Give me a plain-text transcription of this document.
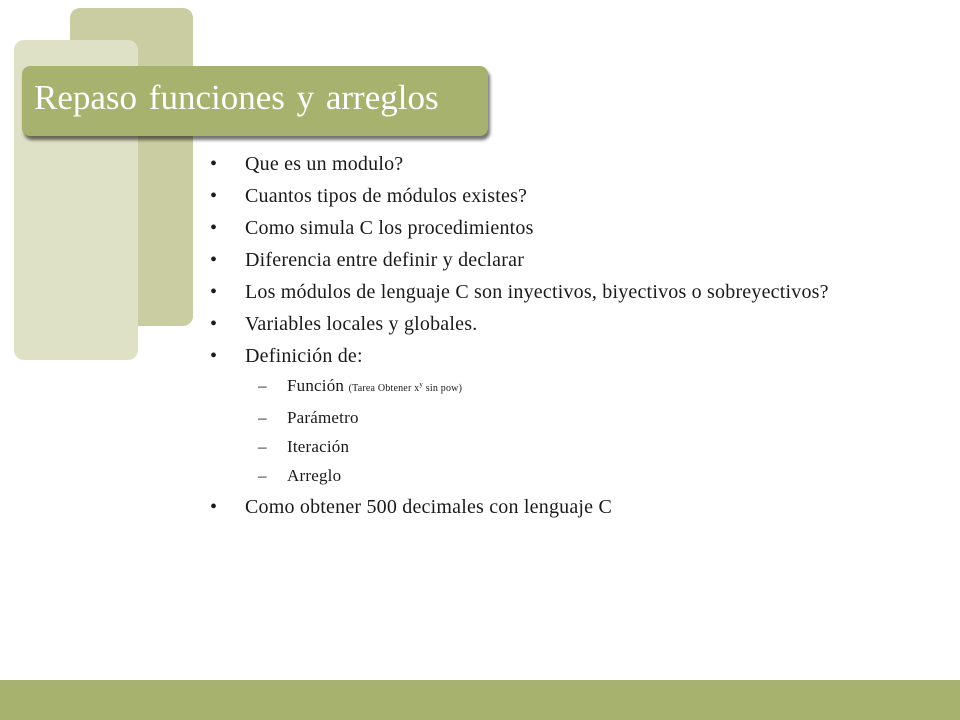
Repaso funciones y arreglos
•	Que es un modulo?
•	Cuantos tipos de módulos existes?
•	Como simula C los procedimientos
•	Diferencia entre definir y declarar
•	Los módulos de lenguaje C son inyectivos, biyectivos o sobreyectivos?
•	Variables locales y globales.
•	Definición de:
–	Función (Tarea Obtener $x^y$ sin pow)
–	Parámetro
–	Iteración
–	Arreglo
•	Como obtener 500 decimales con lenguaje C
